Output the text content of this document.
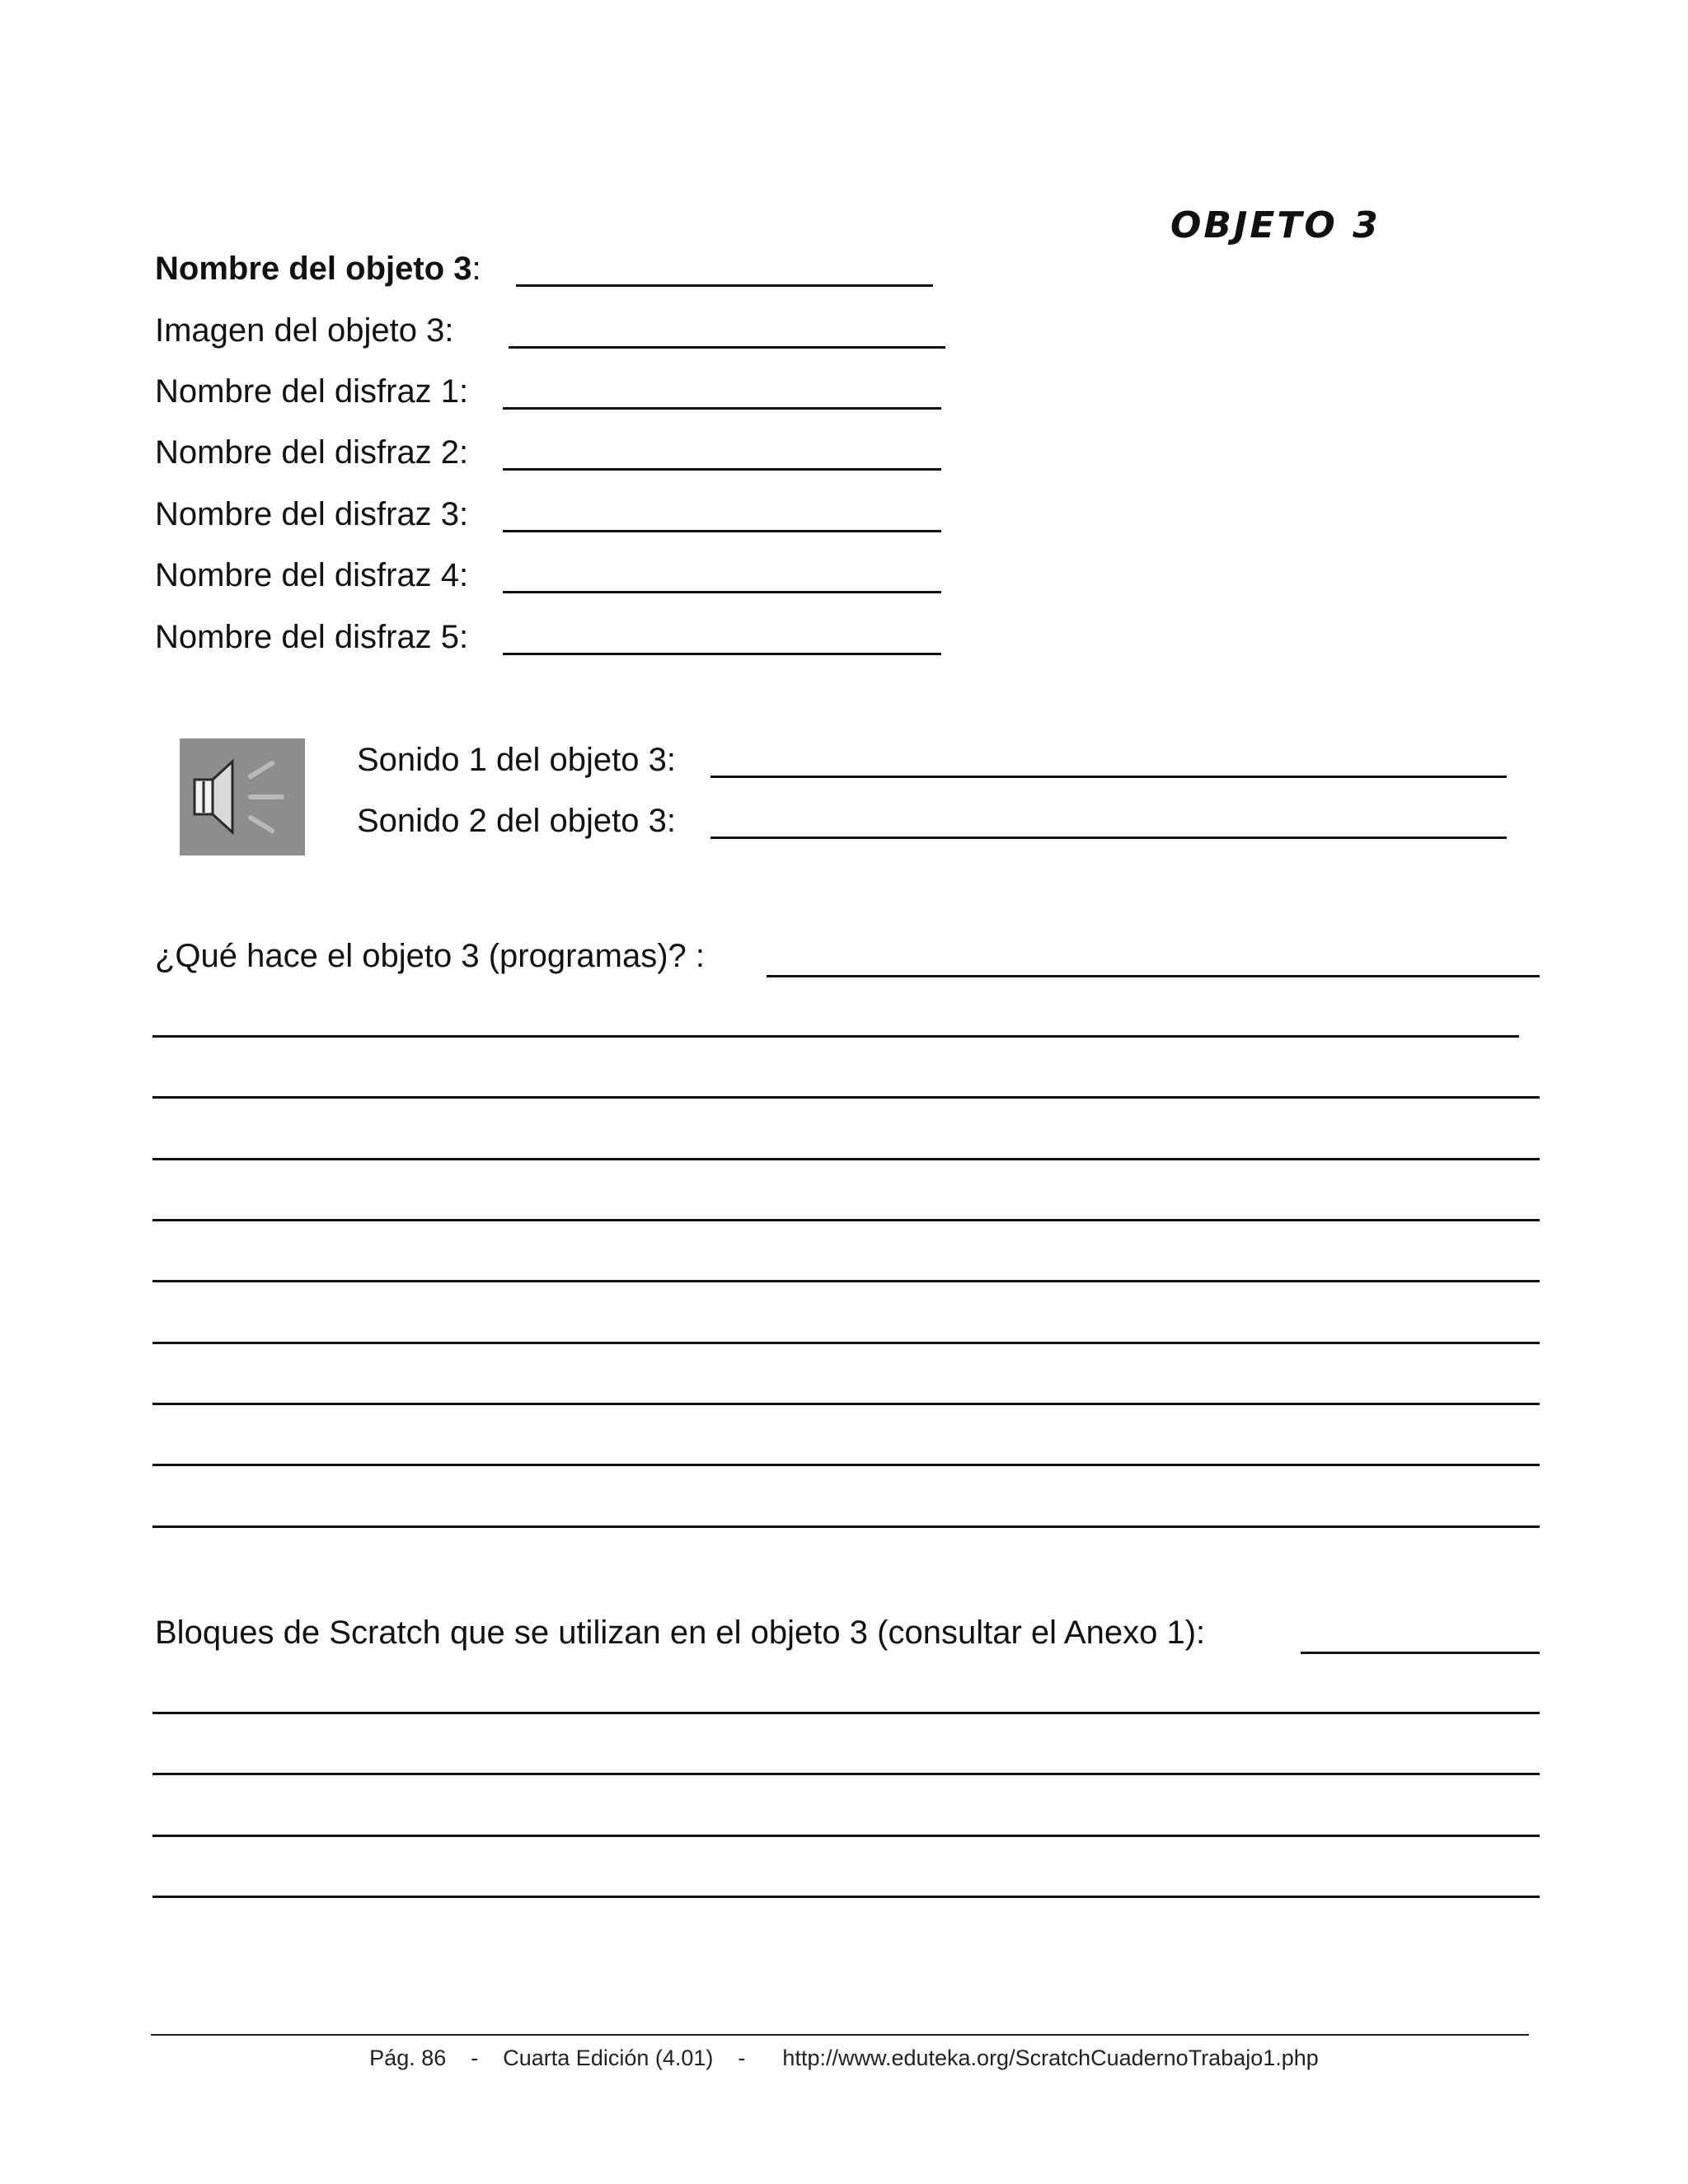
OBJETO 3
Nombre del objeto 3:
Imagen del objeto 3:
Nombre del disfraz 1:
Nombre del disfraz 2:
Nombre del disfraz 3:
Nombre del disfraz 4:
Nombre del disfraz 5:
Sonido 1 del objeto 3:
Sonido 2 del objeto 3:
¿Qué hace el objeto 3 (programas)? :
Bloques de Scratch que se utilizan en el objeto 3 (consultar el Anexo 1):
Pág. 86    -    Cuarta Edición (4.01)    -      http://www.eduteka.org/ScratchCuadernoTrabajo1.php
